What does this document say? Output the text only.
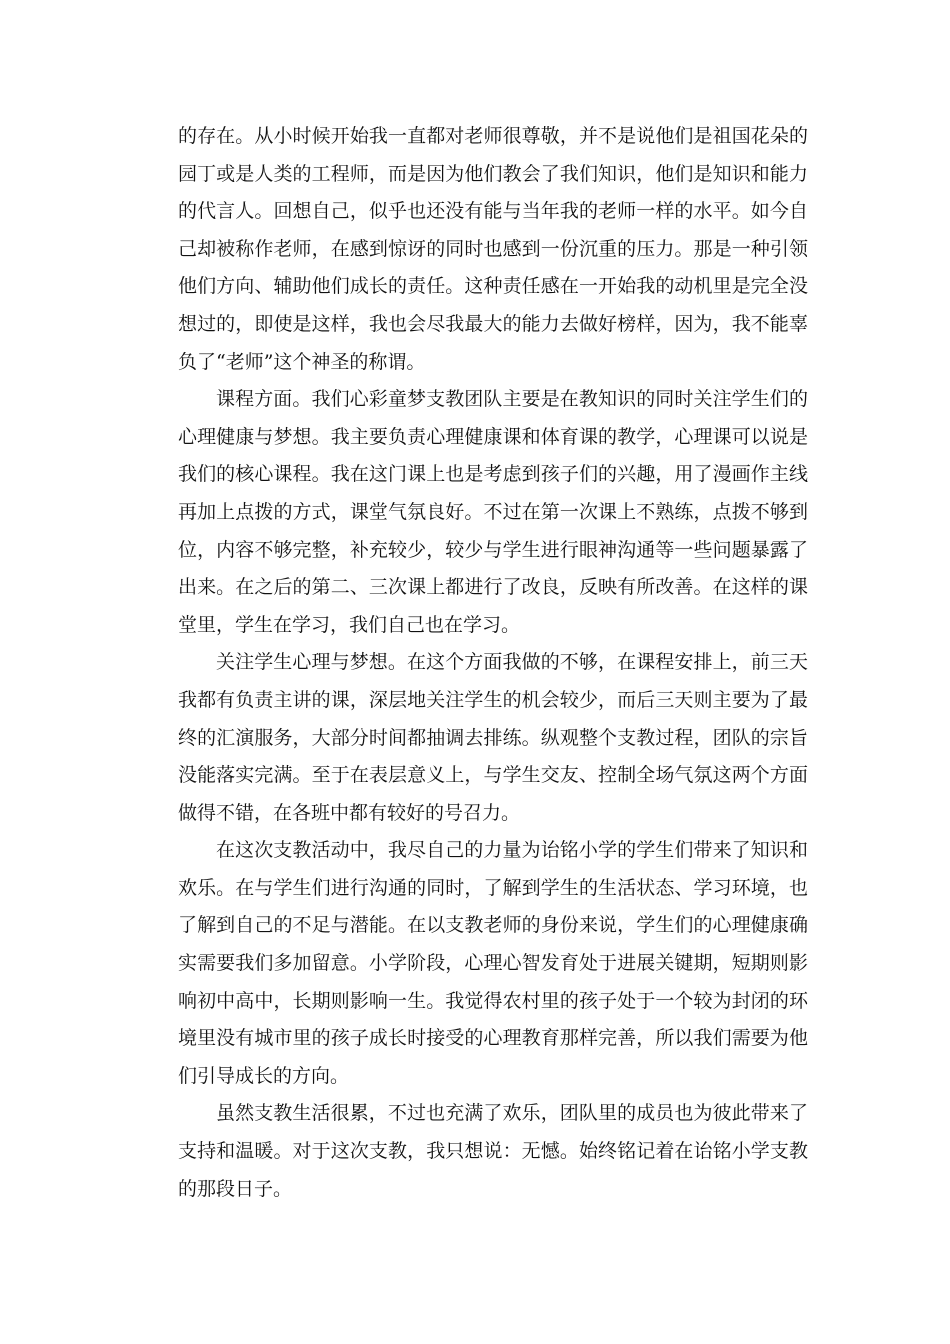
的存在。从小时候开始我一直都对老师很尊敬，并不是说他们是祖国花朵的园丁或是人类的工程师，而是因为他们教会了我们知识，他们是知识和能力的代言人。回想自己，似乎也还没有能与当年我的老师一样的水平。如今自己却被称作老师，在感到惊讶的同时也感到一份沉重的压力。那是一种引领他们方向、辅助他们成长的责任。这种责任感在一开始我的动机里是完全没想过的，即使是这样，我也会尽我最大的能力去做好榜样，因为，我不能辜负了“老师”这个神圣的称谓。

课程方面。我们心彩童梦支教团队主要是在教知识的同时关注学生们的心理健康与梦想。我主要负责心理健康课和体育课的教学，心理课可以说是我们的核心课程。我在这门课上也是考虑到孩子们的兴趣，用了漫画作主线再加上点拨的方式，课堂气氛良好。不过在第一次课上不熟练，点拨不够到位，内容不够完整，补充较少，较少与学生进行眼神沟通等一些问题暴露了出来。在之后的第二、三次课上都进行了改良，反映有所改善。在这样的课堂里，学生在学习，我们自己也在学习。

关注学生心理与梦想。在这个方面我做的不够，在课程安排上，前三天我都有负责主讲的课，深层地关注学生的机会较少，而后三天则主要为了最终的汇演服务，大部分时间都抽调去排练。纵观整个支教过程，团队的宗旨没能落实完满。至于在表层意义上，与学生交友、控制全场气氛这两个方面做得不错，在各班中都有较好的号召力。

在这次支教活动中，我尽自己的力量为诒铭小学的学生们带来了知识和欢乐。在与学生们进行沟通的同时，了解到学生的生活状态、学习环境，也了解到自己的不足与潜能。在以支教老师的身份来说，学生们的心理健康确实需要我们多加留意。小学阶段，心理心智发育处于进展关键期，短期则影响初中高中，长期则影响一生。我觉得农村里的孩子处于一个较为封闭的环境里没有城市里的孩子成长时接受的心理教育那样完善，所以我们需要为他们引导成长的方向。

虽然支教生活很累，不过也充满了欢乐，团队里的成员也为彼此带来了支持和温暖。对于这次支教，我只想说：无憾。始终铭记着在诒铭小学支教的那段日子。
